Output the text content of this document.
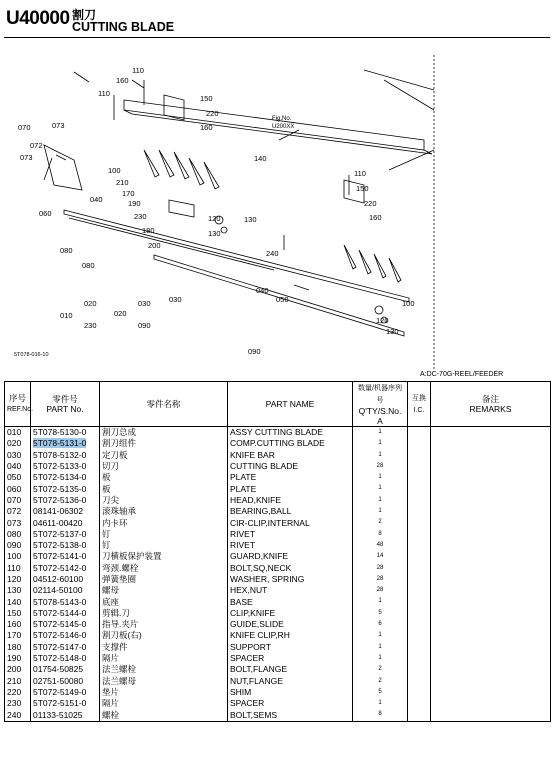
U40000 割刀
CUTTING BLADE
110
160
110
150
220
160
070	073
072
073
100
210
170
190
230
060
180
040
200
120	130
130
140
110
150
220
160
240
080
080
010
020
230
020
030
090
030
040
050	100
120
130
090
Fig.No.
U200XX
5T078-016-10
A:DC-70G-REEL/FEEDER
序号
REF.No.	零件号
PART No.	零件名称	PART NAME	数量/机器序列号
Q'TY/S.No.
A	互换
I.C.	备注
REMARKS
010	5T078-5130-0	割刀总成	ASSY CUTTING BLADE	1		
020	5T078-5131-0	割刀组件	COMP.CUTTING BLADE	1		
030	5T078-5132-0	定刀板	KNIFE BAR	1		
040	5T072-5133-0	切刀	CUTTING BLADE	28		
050	5T072-5134-0	板	PLATE	1		
060	5T072-5135-0	板	PLATE	1		
070	5T072-5136-0	刀尖	HEAD,KNIFE	1		
072	08141-06302	滚珠轴承	BEARING,BALL	1		
073	04611-00420	内卡环	CIR-CLIP,INTERNAL	2		
080	5T072-5137-0	钉	RIVET	8		
090	5T072-5138-0	钉	RIVET	48		
100	5T072-5141-0	刀横板保护装置	GUARD,KNIFE	14		
110	5T072-5142-0	弯颈.螺栓	BOLT,SQ,NECK	28		
120	04512-60100	弹簧垫圈	WASHER, SPRING	28		
130	02114-50100	螺母	HEX,NUT	28		
140	5T078-5143-0	底座	BASE	1		
150	5T072-5144-0	剪辑.刀	CLIP,KNIFE	5		
160	5T072-5145-0	指导.夹片	GUIDE,SLIDE	6		
170	5T072-5146-0	割刀板(右)	KNIFE CLIP,RH	1		
180	5T072-5147-0	支撑件	SUPPORT	1		
190	5T072-5148-0	隔片	SPACER	1		
200	01754-50825	法兰螺栓	BOLT,FLANGE	2		
210	02751-50080	法兰螺母	NUT,FLANGE	2		
220	5T072-5149-0	垫片	SHIM	5		
230	5T072-5151-0	隔片	SPACER	1		
240	01133-51025	螺栓	BOLT,SEMS	8		
